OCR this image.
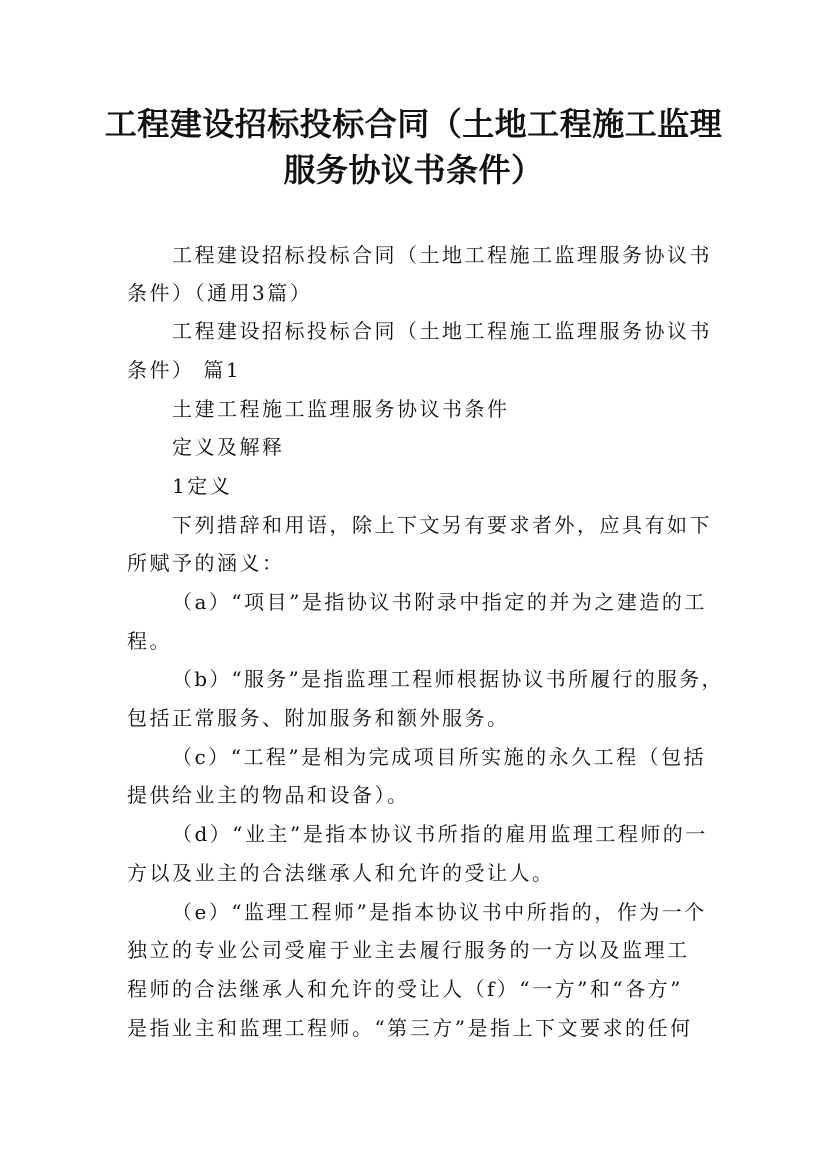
工程建设招标投标合同（土地工程施工监理
服务协议书条件）
工程建设招标投标合同（土地工程施工监理服务协议书
条件）（通用3篇）
工程建设招标投标合同（土地工程施工监理服务协议书
条件） 篇1
土建工程施工监理服务协议书条件
定义及解释
1定义
下列措辞和用语，除上下文另有要求者外，应具有如下
所赋予的涵义：
（a）“项目”是指协议书附录中指定的并为之建造的工
程。
（b）“服务”是指监理工程师根据协议书所履行的服务，
包括正常服务、附加服务和额外服务。
（c）“工程”是相为完成项目所实施的永久工程（包括
提供给业主的物品和设备）。
（d）“业主”是指本协议书所指的雇用监理工程师的一
方以及业主的合法继承人和允许的受让人。
（e）“监理工程师”是指本协议书中所指的，作为一个
独立的专业公司受雇于业主去履行服务的一方以及监理工
程师的合法继承人和允许的受让人（f）“一方”和“各方”
是指业主和监理工程师。“第三方”是指上下文要求的任何
